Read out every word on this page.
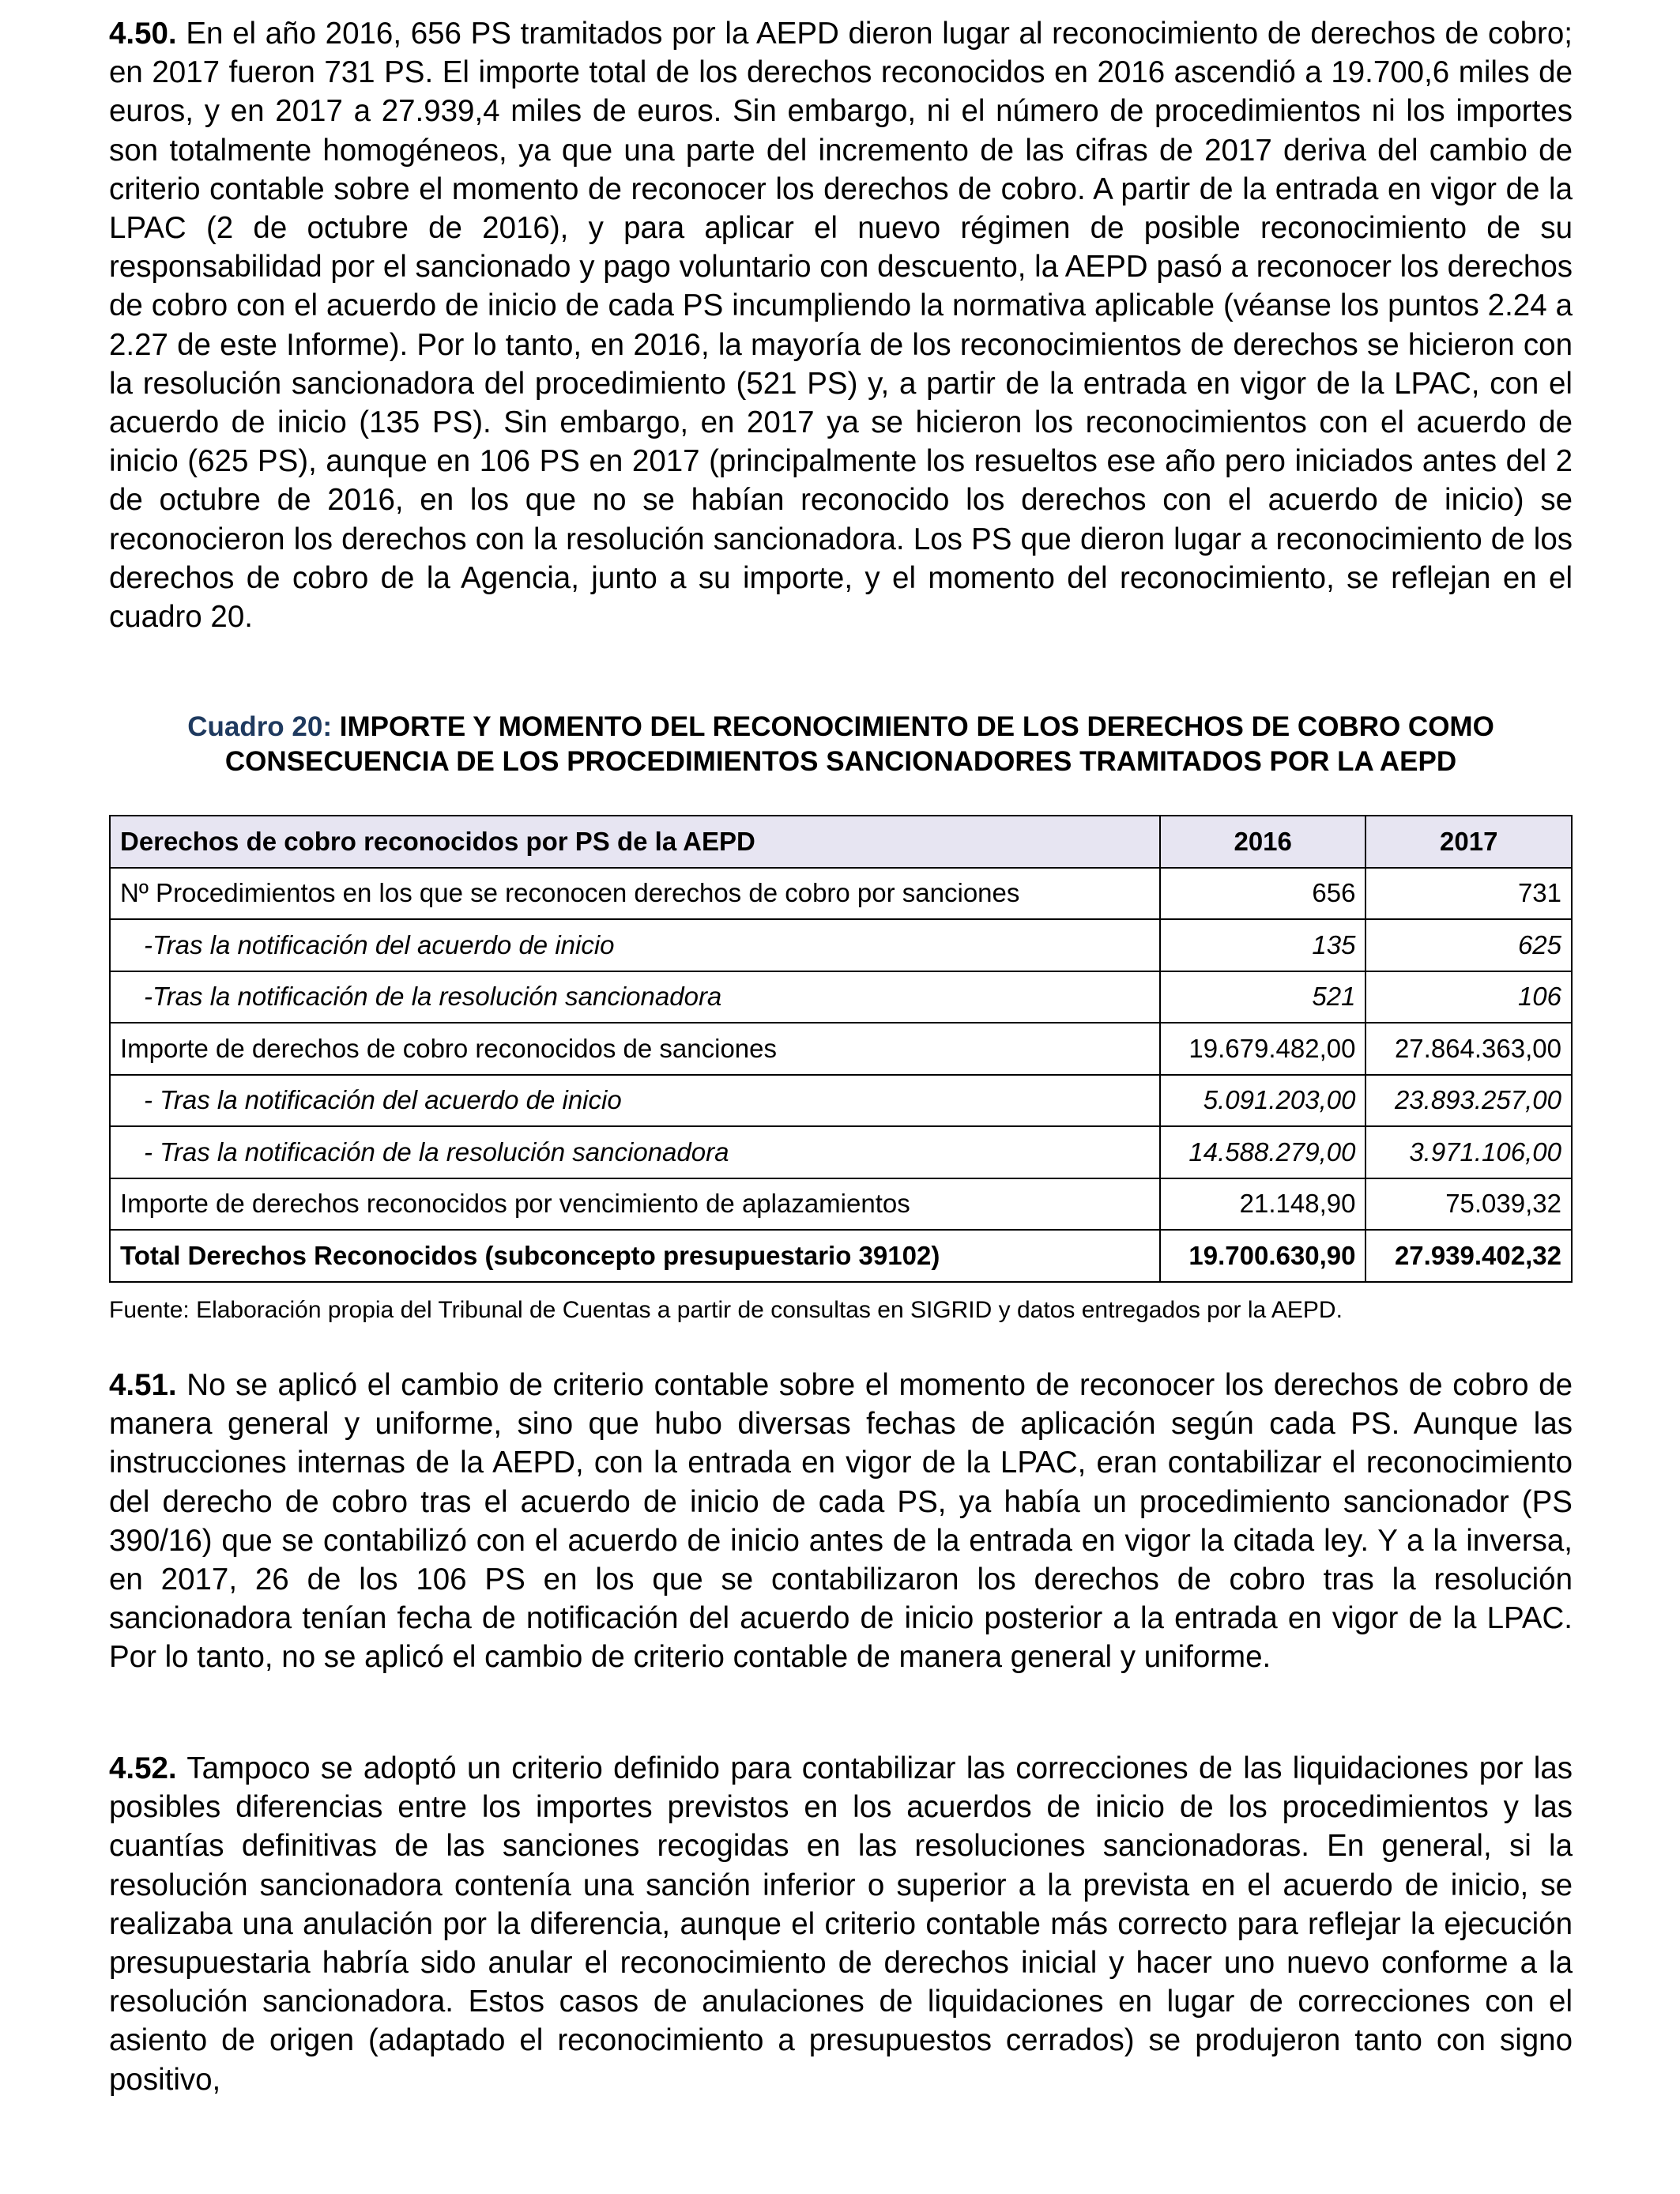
4.50. En el año 2016, 656 PS tramitados por la AEPD dieron lugar al reconocimiento de derechos de cobro; en 2017 fueron 731 PS. El importe total de los derechos reconocidos en 2016 ascendió a 19.700,6 miles de euros, y en 2017 a 27.939,4 miles de euros. Sin embargo, ni el número de procedimientos ni los importes son totalmente homogéneos, ya que una parte del incremento de las cifras de 2017 deriva del cambio de criterio contable sobre el momento de reconocer los derechos de cobro. A partir de la entrada en vigor de la LPAC (2 de octubre de 2016), y para aplicar el nuevo régimen de posible reconocimiento de su responsabilidad por el sancionado y pago voluntario con descuento, la AEPD pasó a reconocer los derechos de cobro con el acuerdo de inicio de cada PS incumpliendo la normativa aplicable (véanse los puntos 2.24 a 2.27 de este Informe). Por lo tanto, en 2016, la mayoría de los reconocimientos de derechos se hicieron con la resolución sancionadora del procedimiento (521 PS) y, a partir de la entrada en vigor de la LPAC, con el acuerdo de inicio (135 PS). Sin embargo, en 2017 ya se hicieron los reconocimientos con el acuerdo de inicio (625 PS), aunque en 106 PS en 2017 (principalmente los resueltos ese año pero iniciados antes del 2 de octubre de 2016, en los que no se habían reconocido los derechos con el acuerdo de inicio) se reconocieron los derechos con la resolución sancionadora. Los PS que dieron lugar a reconocimiento de los derechos de cobro de la Agencia, junto a su importe, y el momento del reconocimiento, se reflejan en el cuadro 20.

Cuadro 20: IMPORTE Y MOMENTO DEL RECONOCIMIENTO DE LOS DERECHOS DE COBRO COMO
CONSECUENCIA DE LOS PROCEDIMIENTOS SANCIONADORES TRAMITADOS POR LA AEPD
Derechos de cobro reconocidos por PS de la AEPD	2016	2017
Nº Procedimientos en los que se reconocen derechos de cobro por sanciones	656	731
-Tras la notificación del acuerdo de inicio	135	625
-Tras la notificación de la resolución sancionadora	521	106
Importe de derechos de cobro reconocidos de sanciones	19.679.482,00	27.864.363,00
- Tras la notificación del acuerdo de inicio	5.091.203,00	23.893.257,00
- Tras la notificación de la resolución sancionadora	14.588.279,00	3.971.106,00
Importe de derechos reconocidos por vencimiento de aplazamientos	21.148,90	75.039,32
Total Derechos Reconocidos (subconcepto presupuestario 39102)	19.700.630,90	27.939.402,32
Fuente: Elaboración propia del Tribunal de Cuentas a partir de consultas en SIGRID y datos entregados por la AEPD.

4.51. No se aplicó el cambio de criterio contable sobre el momento de reconocer los derechos de cobro de manera general y uniforme, sino que hubo diversas fechas de aplicación según cada PS. Aunque las instrucciones internas de la AEPD, con la entrada en vigor de la LPAC, eran contabilizar el reconocimiento del derecho de cobro tras el acuerdo de inicio de cada PS, ya había un procedimiento sancionador (PS 390/16) que se contabilizó con el acuerdo de inicio antes de la entrada en vigor la citada ley. Y a la inversa, en 2017, 26 de los 106 PS en los que se contabilizaron los derechos de cobro tras la resolución sancionadora tenían fecha de notificación del acuerdo de inicio posterior a la entrada en vigor de la LPAC. Por lo tanto, no se aplicó el cambio de criterio contable de manera general y uniforme.

4.52. Tampoco se adoptó un criterio definido para contabilizar las correcciones de las liquidaciones por las posibles diferencias entre los importes previstos en los acuerdos de inicio de los procedimientos y las cuantías definitivas de las sanciones recogidas en las resoluciones sancionadoras. En general, si la resolución sancionadora contenía una sanción inferior o superior a la prevista en el acuerdo de inicio, se realizaba una anulación por la diferencia, aunque el criterio contable más correcto para reflejar la ejecución presupuestaria habría sido anular el reconocimiento de derechos inicial y hacer uno nuevo conforme a la resolución sancionadora. Estos casos de anulaciones de liquidaciones en lugar de correcciones con el asiento de origen (adaptado el reconocimiento a presupuestos cerrados) se produjeron tanto con signo positivo,
